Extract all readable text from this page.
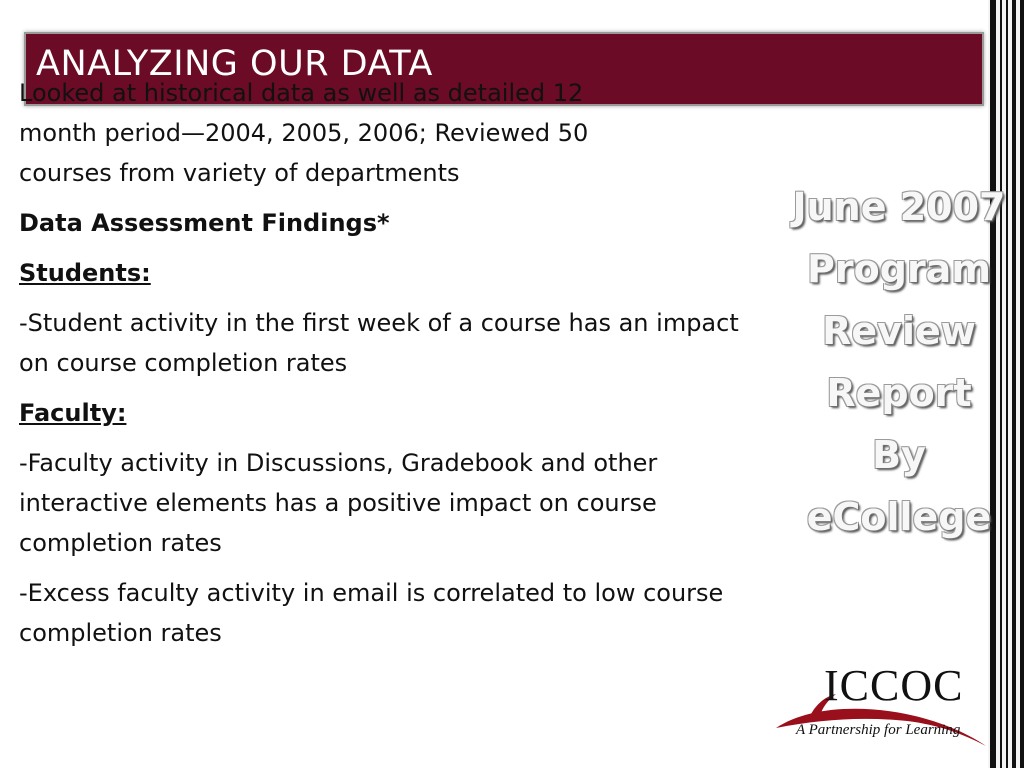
ANALYZING OUR DATA

Looked at historical data as well as detailed 12
month period—2004, 2005, 2006; Reviewed 50
courses from variety of departments

Data Assessment Findings*

Students:

-Student activity in the first week of a course has an impact on course completion rates

Faculty:

-Faculty activity in Discussions, Gradebook and other interactive elements has a positive impact on course completion rates

-Excess faculty activity in email is correlated to low course completion rates

June 2007
Program
Review
Report
By
eCollege
ICCOC
A Partnership for Learning
